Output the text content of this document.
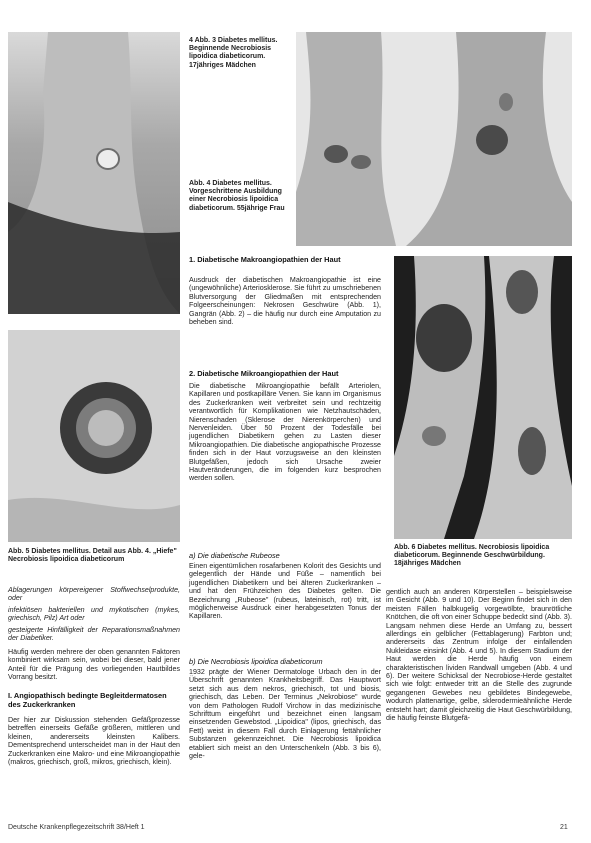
4 Abb. 3 Diabetes mellitus. Beginnende Necrobiosis lipoidica diabeticorum. 17jähriges Mädchen
Abb. 4 Diabetes mellitus. Vorgeschrittene Ausbildung einer Necrobiosis lipoidica diabeticorum. 55jährige Frau
Abb. 5 Diabetes mellitus. Detail aus Abb. 4. „Hiefe" Necrobiosis lipoidica diabeticorum
Abb. 6 Diabetes mellitus. Necrobiosis lipoidica diabeticorum. Beginnende Geschwürbildung. 18jähriges Mädchen
1. Diabetische Makroangiopathien der Haut

Ausdruck der diabetischen Makroangiopathie ist eine (ungewöhnliche) Arteriosklerose. Sie führt zu umschriebenen Blutversorgung der Gliedmaßen mit entsprechenden Folgeerscheinungen: Nekrosen Geschwüre (Abb. 1), Gangrän (Abb. 2) – die häufig nur durch eine Amputation zu beheben sind.

2. Diabetische Mikroangiopathien der Haut

Die diabetische Mikroangiopathie befällt Arteriolen, Kapillaren und postkapilläre Venen. Sie kann im Organismus des Zuckerkranken weit verbreitet sein und rechtzeitig verantwortlich für Komplikationen wie Netzhautschäden, Nierenschaden (Sklerose der Nierenkörperchen) und Nervenleiden. Über 50 Prozent der Todesfälle bei jugendlichen Diabetikern gehen zu Lasten dieser Mikroangiopathien. Die diabetische angiopathische Prozesse finden sich in der Haut vorzugsweise an den kleinsten Blutgefäßen, jedoch sich Ursache zweier Hautveränderungen, die im folgenden kurz besprochen werden sollen.

a) Die diabetische Rubeose

Einen eigentümlichen rosafarbenen Kolorit des Gesichts und gelegentlich der Hände und Füße – namentlich bei jugendlichen Diabetikern und bei älteren Zuckerkranken – und hat den Frühzeichen des Diabetes gelten. Die Bezeichnung „Rubeose" (rubeus, lateinisch, rot) tritt, ist möglicherweise Ausdruck einer herabgesetzten Tonus der Kapillaren.

b) Die Necrobiosis lipoidica diabeticorum

1932 prägte der Wiener Dermatologe Urbach den in der Überschrift genannten Krankheitsbegriff. Das Hauptwort setzt sich aus dem nekros, griechisch, tot und biosis, griechisch, das Leben. Der Terminus „Nekrobiose" wurde von dem Pathologen Rudolf Virchow in das medizinische Schrifttum eingeführt und bezeichnet einen langsam einsetzenden Gewebstod. „Lipoidica" (lipos, griechisch, das Fett) weist in diesem Fall durch Einlagerung fettähnlicher Substanzen gekennzeichnet. Die Necrobiosis lipoidica etabliert sich meist an den Unterschenkeln (Abb. 3 bis 6), gele-

Ablagerungen körpereigener Stoffwechselprodukte, oder

infektiösen bakteriellen und mykotischen (mykes, griechisch, Pilz) Art oder

gesteigerte Hinfälligkeit der Reparationsmaßnahmen der Diabetiker.

Häufig werden mehrere der oben genannten Faktoren kombiniert wirksam sein, wobei bei dieser, bald jener Anteil für die Prägung des vorliegenden Hautbildes Vorrang besitzt.

I. Angiopathisch bedingte Begleitdermatosen des Zuckerkranken

Der hier zur Diskussion stehenden Gefäßprozesse betreffen einerseits Gefäße größeren, mittleren und kleinen, andererseits kleinsten Kalibers. Dementsprechend unterscheidet man in der Haut den Zuckerkranken eine Makro- und eine Mikroangiopathie (makros, griechisch, groß, mikros, griechisch, klein).

gentlich auch an anderen Körperstellen – beispielsweise im Gesicht (Abb. 9 und 10). Der Beginn findet sich in den meisten Fällen halbkugelig vorgewölbte, braunrötliche Knötchen, die oft von einer Schuppe bedeckt sind (Abb. 3). Langsam nehmen diese Herde an Umfang zu, bessert allerdings ein gelblicher (Fettablagerung) Farbton und; andererseits das Zentrum infolge der einfallenden Nukleidase einsinkt (Abb. 4 und 5). In diesem Stadium der Haut werden die Herde häufig von einem charakteristischen lividen Randwall umgeben (Abb. 4 und 6). Der weitere Schicksal der Necrobiose-Herde gestaltet sich wie folgt: entweder tritt an die Stelle des zugrunde gegangenen Gewebes neu gebildetes Bindegewebe, wodurch plattenartige, gelbe, sklerodermieähnliche Herde entsteht hart; damit gleichzeitig die Haut Geschwürbildung, die häufig feinste Blutgefä-

Deutsche Krankenpflegezeitschrift 38/Heft 1	21
